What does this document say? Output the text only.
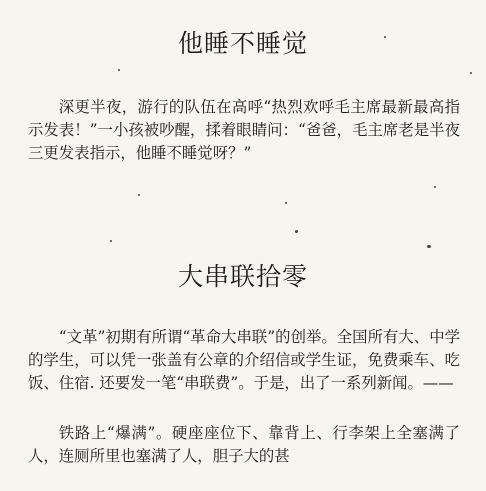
他睡不睡觉

深更半夜，游行的队伍在高呼“热烈欢呼毛主席最新最高指示发表！”一小孩被吵醒，揉着眼睛问：“爸爸，毛主席老是半夜三更发表指示，他睡不睡觉呀？”

大串联拾零

“文革”初期有所谓“革命大串联”的创举。全国所有大、中学的学生，可以凭一张盖有公章的介绍信或学生证，免费乘车、吃饭、住宿. 还要发一笔“串联费”。于是，出了一系列新闻。——

铁路上“爆满”。硬座座位下、靠背上、行李架上全塞满了人，连厕所里也塞满了人，胆子大的甚
